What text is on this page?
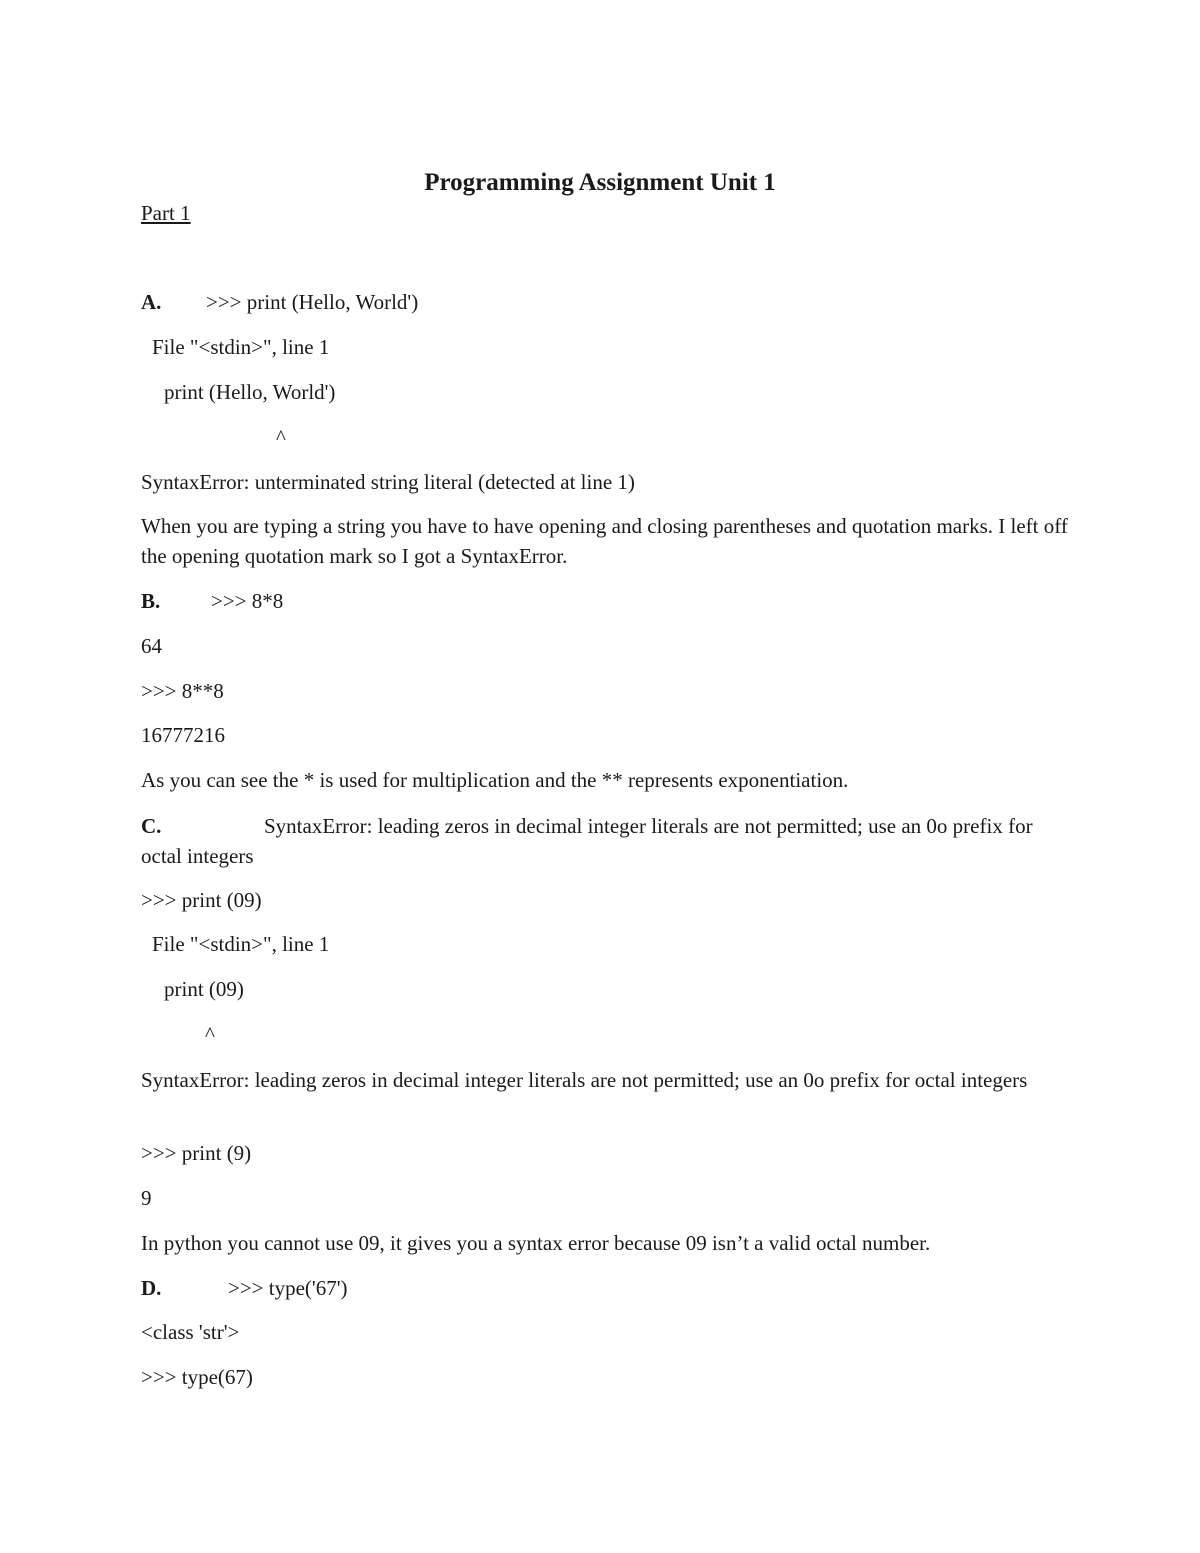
Programming Assignment Unit 1
Part 1
A. >>> print (Hello, World')
File "<stdin>", line 1
print (Hello, World')
^
SyntaxError: unterminated string literal (detected at line 1)
When you are typing a string you have to have opening and closing parentheses and quotation marks. I left off the opening quotation mark so I got a SyntaxError.
B. >>> 8*8
64
>>> 8**8
16777216
As you can see the * is used for multiplication and the ** represents exponentiation.
C.	SyntaxError: leading zeros in decimal integer literals are not permitted; use an 0o prefix for octal integers
>>> print (09)
File "<stdin>", line 1
print (09)
^
SyntaxError: leading zeros in decimal integer literals are not permitted; use an 0o prefix for octal integers
>>> print (9)
9
In python you cannot use 09, it gives you a syntax error because 09 isn’t a valid octal number.
D.	>>> type('67')
<class 'str'>
>>> type(67)
